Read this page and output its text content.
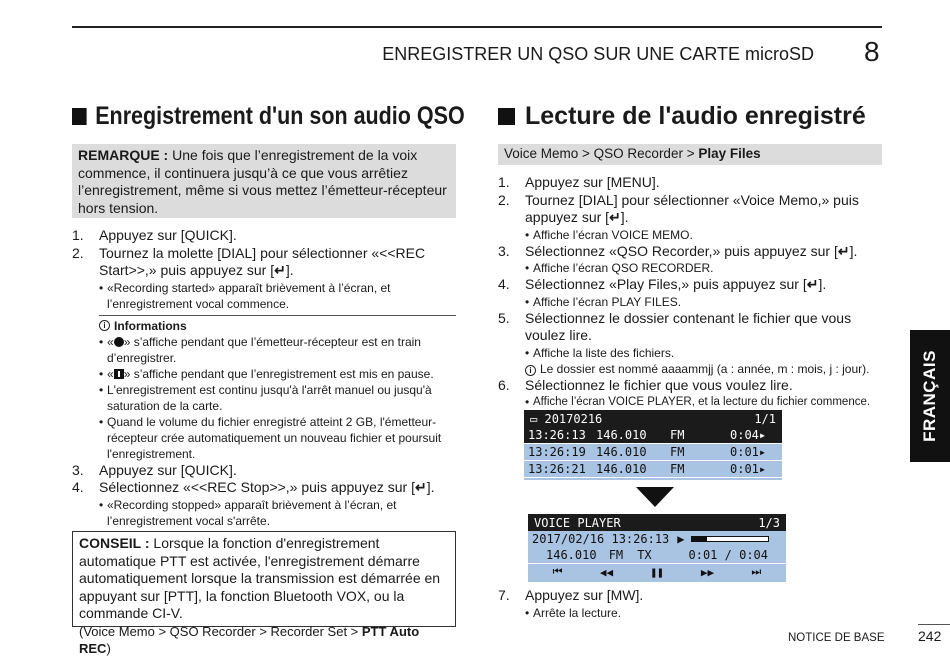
ENREGISTRER UN QSO SUR UNE CARTE microSD 8
Enregistrement d'un son audio QSO
REMARQUE : Une fois que l’enregistrement de la voix commence, il continuera jusqu’à ce que vous arrêtiez l’enregistrement, même si vous mettez l’émetteur-récepteur hors tension.
1. Appuyez sur [QUICK].
2. Tournez la molette [DIAL] pour sélectionner «<<REC Start>>,» puis appuyez sur [↵].
• «Recording started» apparaît brièvement à l’écran, et l’enregistrement vocal commence.
i Informations
• « » s’affiche pendant que l’émetteur-récepteur est en train d’enregistrer.
• « » s’affiche pendant que l’enregistrement est mis en pause.
• L'enregistrement est continu jusqu'à l'arrêt manuel ou jusqu'à saturation de la carte.
• Quand le volume du fichier enregistré atteint 2 GB, l'émetteur-récepteur crée automatiquement un nouveau fichier et poursuit l'enregistrement.
3. Appuyez sur [QUICK].
4. Sélectionnez «<<REC Stop>>,» puis appuyez sur [↵].
• «Recording stopped» apparaît brièvement à l’écran, et l’enregistrement vocal s'arrête.
CONSEIL : Lorsque la fonction d'enregistrement automatique PTT est activée, l'enregistrement démarre automatiquement lorsque la transmission est démarrée en appuyant sur [PTT], la fonction Bluetooth VOX, ou la commande CI-V.
(Voice Memo > QSO Recorder > Recorder Set > PTT Auto REC)
Lecture de l'audio enregistré
Voice Memo > QSO Recorder > Play Files
1. Appuyez sur [MENU].
2. Tournez [DIAL] pour sélectionner «Voice Memo,» puis appuyez sur [↵].
• Affiche l’écran VOICE MEMO.
3. Sélectionnez «QSO Recorder,» puis appuyez sur [↵].
• Affiche l’écran QSO RECORDER.
4. Sélectionnez «Play Files,» puis appuyez sur [↵].
• Affiche l’écran PLAY FILES.
5. Sélectionnez le dossier contenant le fichier que vous voulez lire.
• Affiche la liste des fichiers.
i Le dossier est nommé aaaammjj (a : année, m : mois, j : jour).
6. Sélectionnez le fichier que vous voulez lire.
• Affiche l’écran VOICE PLAYER, et la lecture du fichier commence.
▭ 20170216	1/1
13:26:13 146.010	FM	0:04 ▸
13:26:19 146.010	FM	0:01 ▸
13:26:21 146.010	FM	0:01 ▸
VOICE PLAYER	1/3
2017/02/16 13:26:13 ▶
146.010	FM	TX	0:01 / 0:04
⏮	◀◀	❚❚	▶▶	⏭
7. Appuyez sur [MW].
• Arrête la lecture.
FRANÇAIS
NOTICE DE BASE 242
